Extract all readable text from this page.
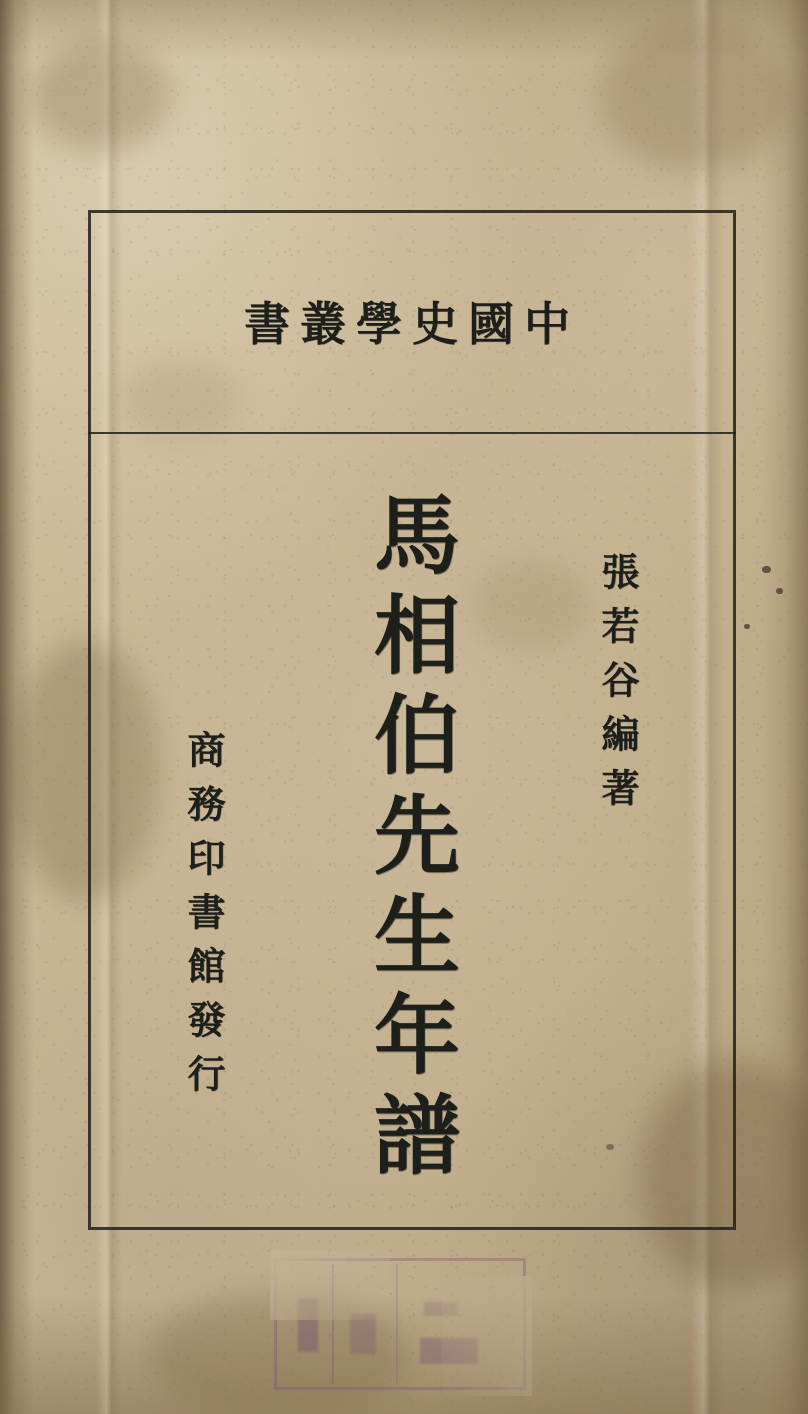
中國史學叢書
馬相伯先生年譜	張若谷編著
商務印書館發行
